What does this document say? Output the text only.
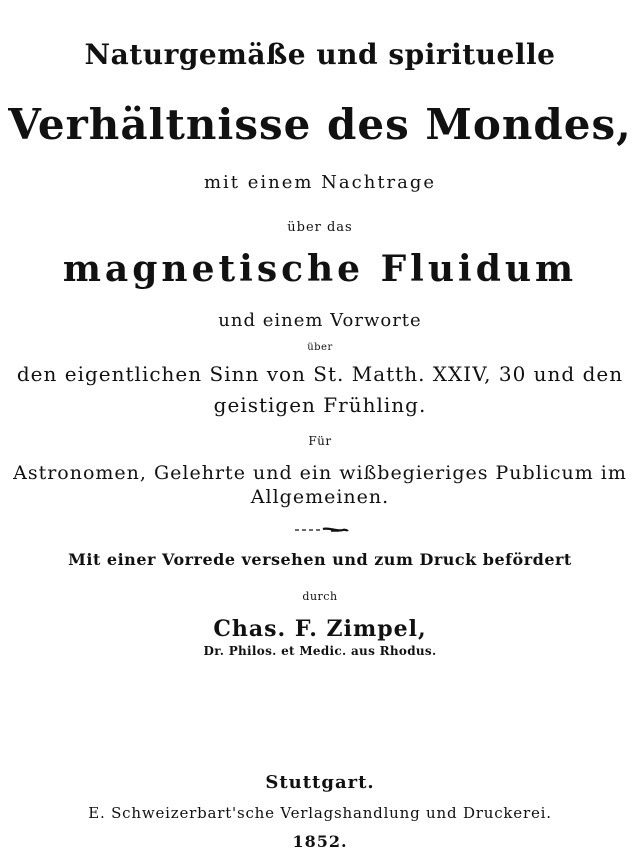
Naturgemäße und spirituelle
Verhältnisse des Mondes,
mit einem Nachtrage
über das
magnetische Fluidum
und einem Vorworte
über
den eigentlichen Sinn von St. Matth. XXIV, 30 und den
geistigen Frühling.
Für
Astronomen, Gelehrte und ein wißbegieriges Publicum im
Allgemeinen.
Mit einer Vorrede versehen und zum Druck befördert
durch
Chas. F. Zimpel,
Dr. Philos. et Medic. aus Rhodus.
Stuttgart.
E. Schweizerbart'sche Verlagshandlung und Druckerei.
1852.
